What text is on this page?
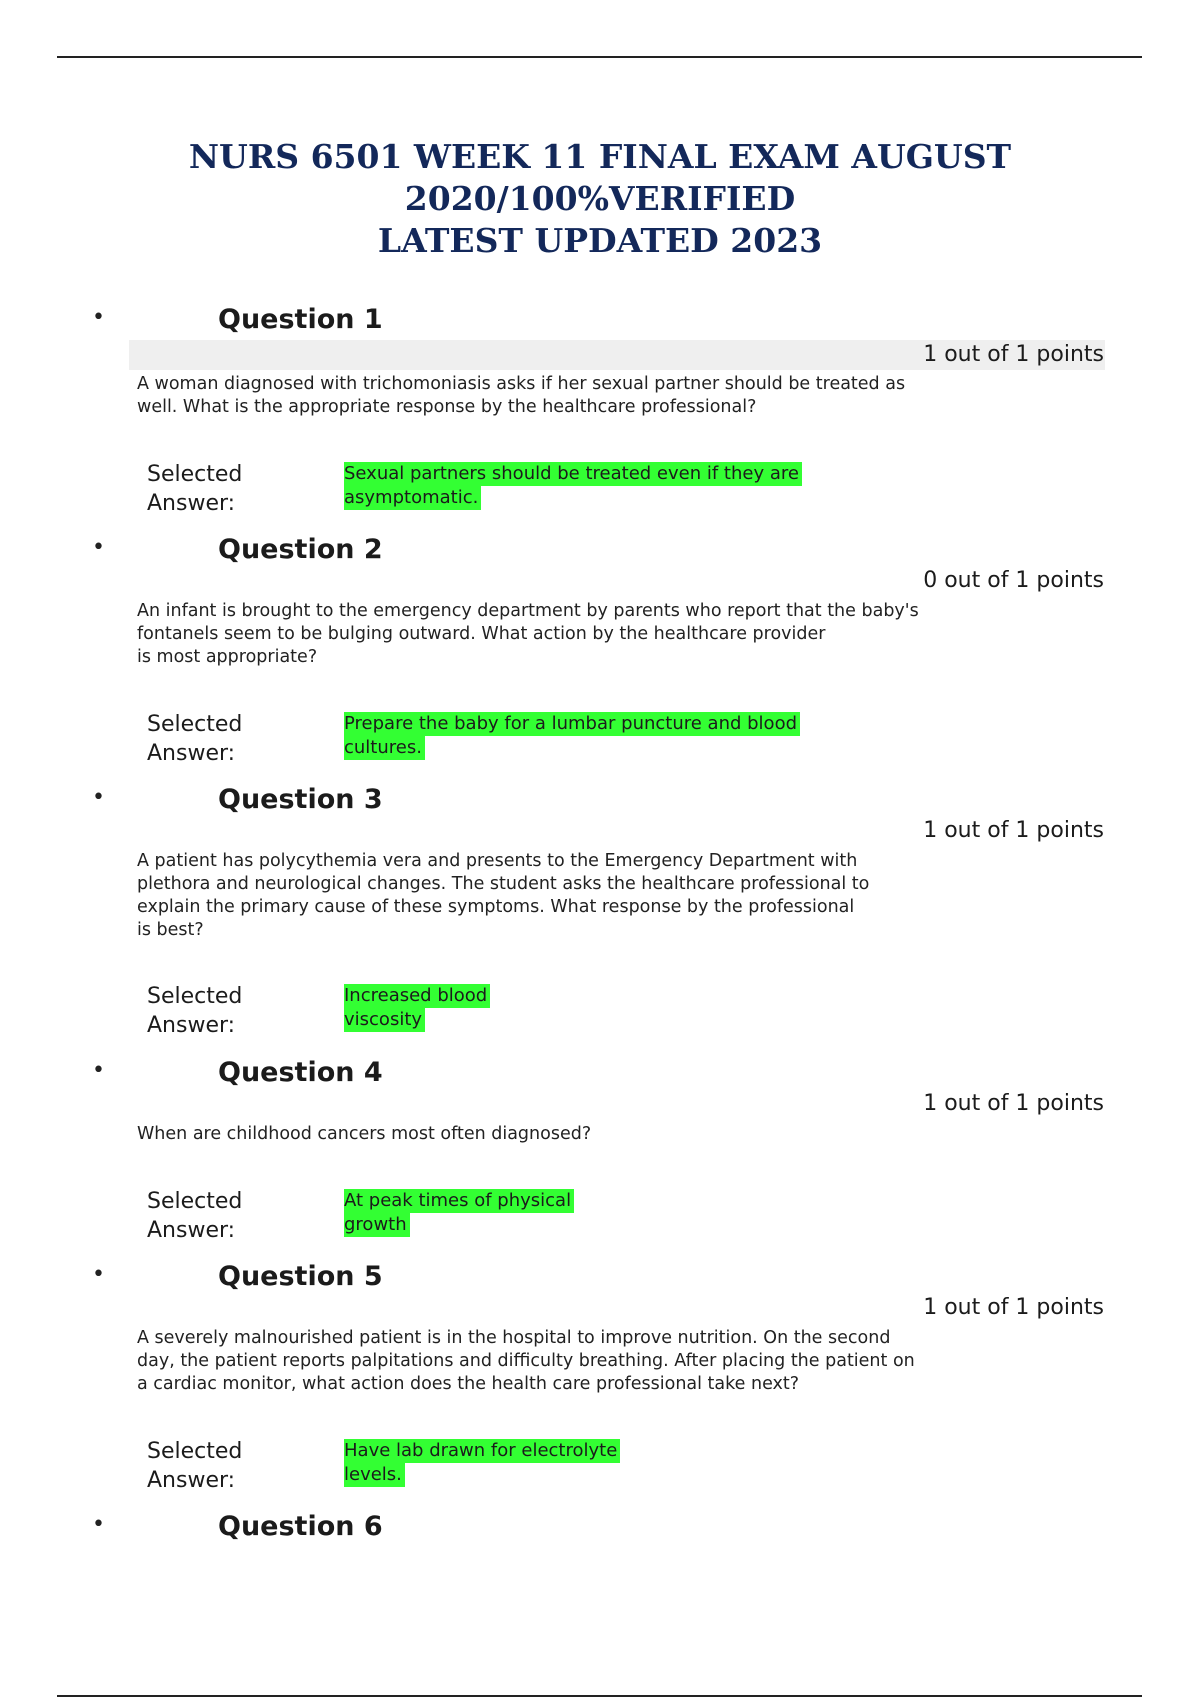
NURS 6501 WEEK 11 FINAL EXAM AUGUST
2020/100%VERIFIED
LATEST UPDATED 2023
•	Question 1
1 out of 1 points
A woman diagnosed with trichomoniasis asks if her sexual partner should be treated as
well. What is the appropriate response by the healthcare professional?
Selected
Answer:
Sexual partners should be treated even if they are
asymptomatic.
•	Question 2
0 out of 1 points
An infant is brought to the emergency department by parents who report that the baby's
fontanels seem to be bulging outward. What action by the healthcare provider
is most appropriate?
Selected
Answer:
Prepare the baby for a lumbar puncture and blood
cultures.
•	Question 3
1 out of 1 points
A patient has polycythemia vera and presents to the Emergency Department with
plethora and neurological changes. The student asks the healthcare professional to
explain the primary cause of these symptoms. What response by the professional
is best?
Selected
Answer:
Increased blood
viscosity
•	Question 4
1 out of 1 points
When are childhood cancers most often diagnosed?
Selected
Answer:
At peak times of physical
growth
•	Question 5
1 out of 1 points
A severely malnourished patient is in the hospital to improve nutrition. On the second
day, the patient reports palpitations and difficulty breathing. After placing the patient on
a cardiac monitor, what action does the health care professional take next?
Selected
Answer:
Have lab drawn for electrolyte
levels.
•	Question 6
